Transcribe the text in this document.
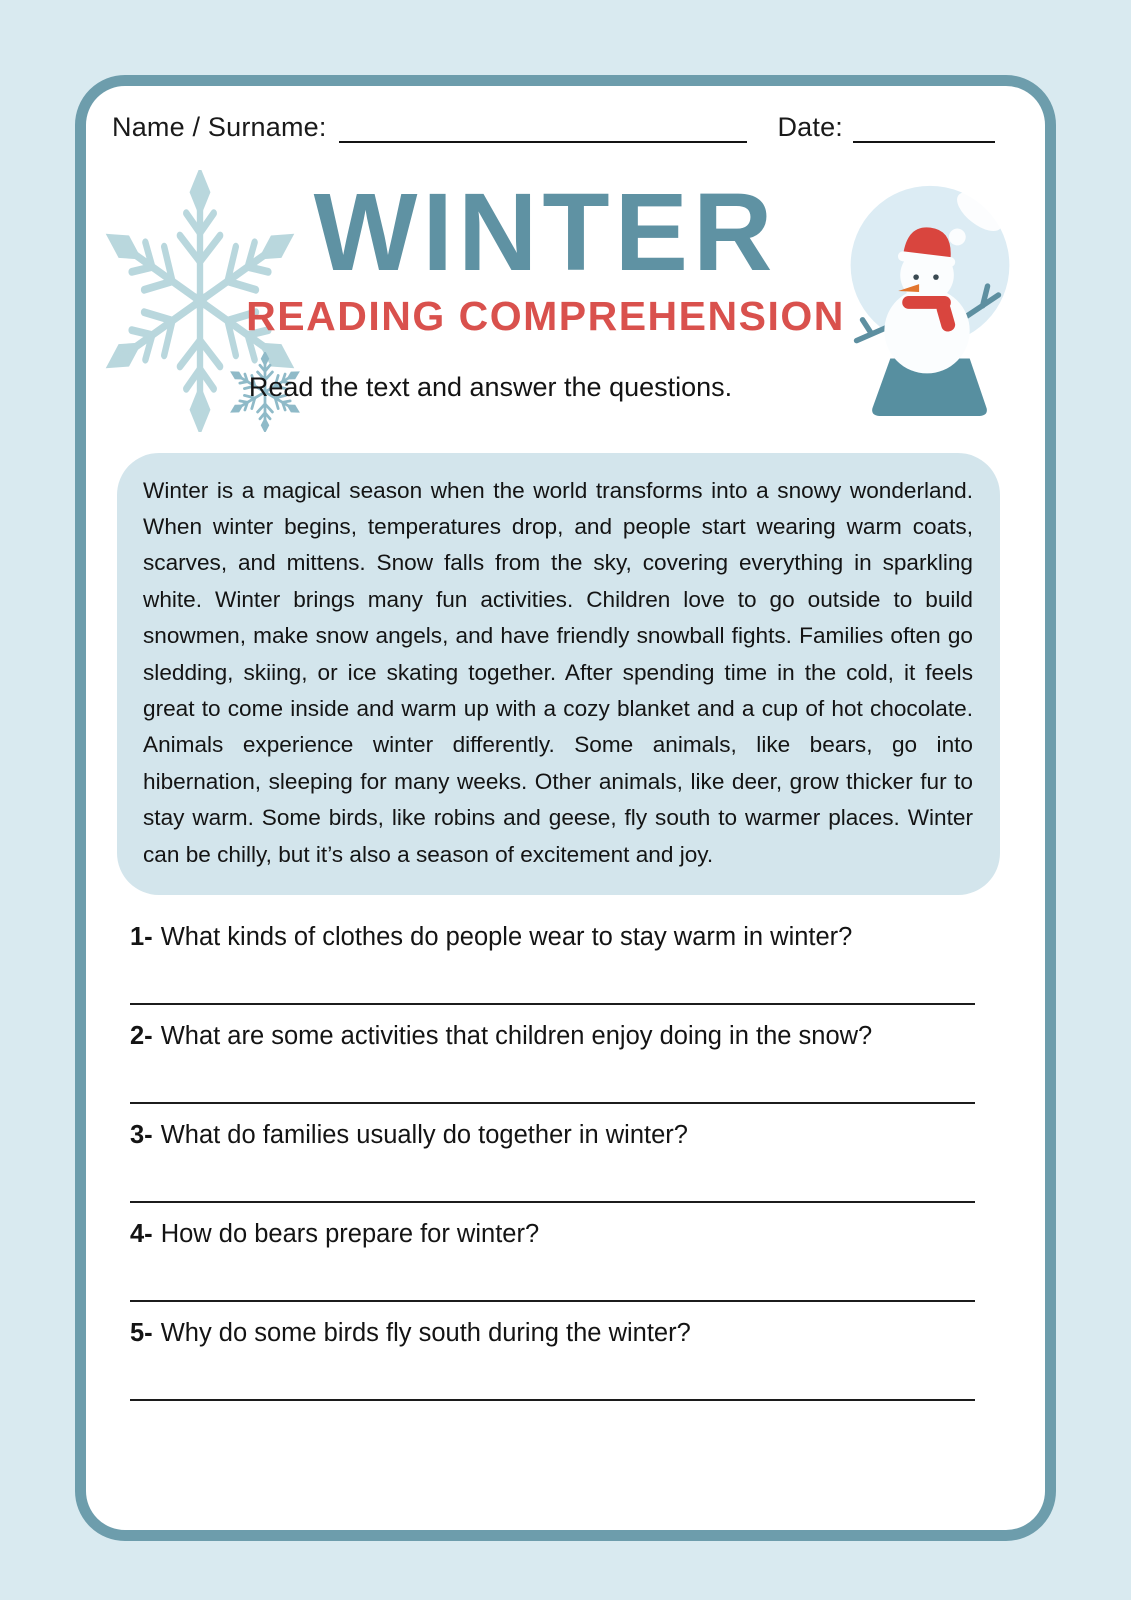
Name / Surname:	Date:
WINTER
READING COMPREHENSION
Read the text and answer the questions.

Winter is a magical season when the world transforms into a snowy wonderland. When winter begins, temperatures drop, and people start wearing warm coats, scarves, and mittens. Snow falls from the sky, covering everything in sparkling white. Winter brings many fun activities. Children love to go outside to build snowmen, make snow angels, and have friendly snowball fights. Families often go sledding, skiing, or ice skating together. After spending time in the cold, it feels great to come inside and warm up with a cozy blanket and a cup of hot chocolate. Animals experience winter differently. Some animals, like bears, go into hibernation, sleeping for many weeks. Other animals, like deer, grow thicker fur to stay warm. Some birds, like robins and geese, fly south to warmer places. Winter can be chilly, but it’s also a season of excitement and joy.

1- What kinds of clothes do people wear to stay warm in winter?

2- What are some activities that children enjoy doing in the snow?

3- What do families usually do together in winter?

4- How do bears prepare for winter?

5- Why do some birds fly south during the winter?
